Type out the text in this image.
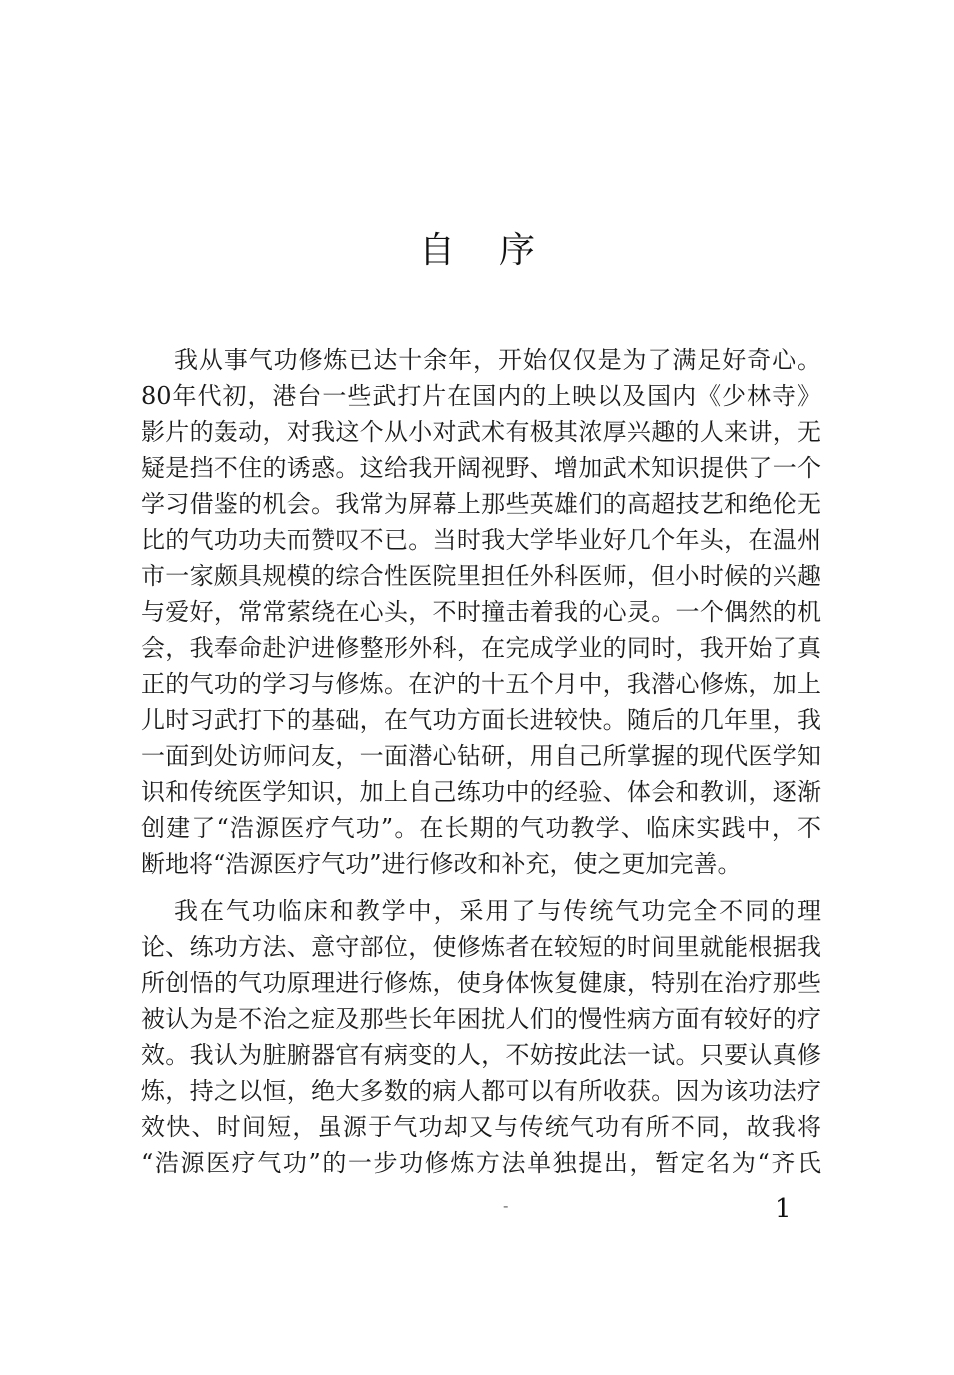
自序
我从事气功修炼已达十余年，开始仅仅是为了满足好奇心。
80年代初，港台一些武打片在国内的上映以及国内《少林寺》
影片的轰动，对我这个从小对武术有极其浓厚兴趣的人来讲，无
疑是挡不住的诱惑。这给我开阔视野、增加武术知识提供了一个
学习借鉴的机会。我常为屏幕上那些英雄们的高超技艺和绝伦无
比的气功功夫而赞叹不已。当时我大学毕业好几个年头，在温州
市一家颇具规模的综合性医院里担任外科医师，但小时候的兴趣
与爱好，常常萦绕在心头，不时撞击着我的心灵。一个偶然的机
会，我奉命赴沪进修整形外科，在完成学业的同时，我开始了真
正的气功的学习与修炼。在沪的十五个月中，我潜心修炼，加上
儿时习武打下的基础，在气功方面长进较快。随后的几年里，我
一面到处访师问友，一面潜心钻研，用自己所掌握的现代医学知
识和传统医学知识，加上自己练功中的经验、体会和教训，逐渐
创建了“浩源医疗气功”。在长期的气功教学、临床实践中，不
断地将“浩源医疗气功”进行修改和补充，使之更加完善。
我在气功临床和教学中，采用了与传统气功完全不同的理
论、练功方法、意守部位，使修炼者在较短的时间里就能根据我
所创悟的气功原理进行修炼，使身体恢复健康，特别在治疗那些
被认为是不治之症及那些长年困扰人们的慢性病方面有较好的疗
效。我认为脏腑器官有病变的人，不妨按此法一试。只要认真修
炼，持之以恒，绝大多数的病人都可以有所收获。因为该功法疗
效快、时间短，虽源于气功却又与传统气功有所不同，故我将
“浩源医疗气功”的一步功修炼方法单独提出，暂定名为“齐氏
-	1
